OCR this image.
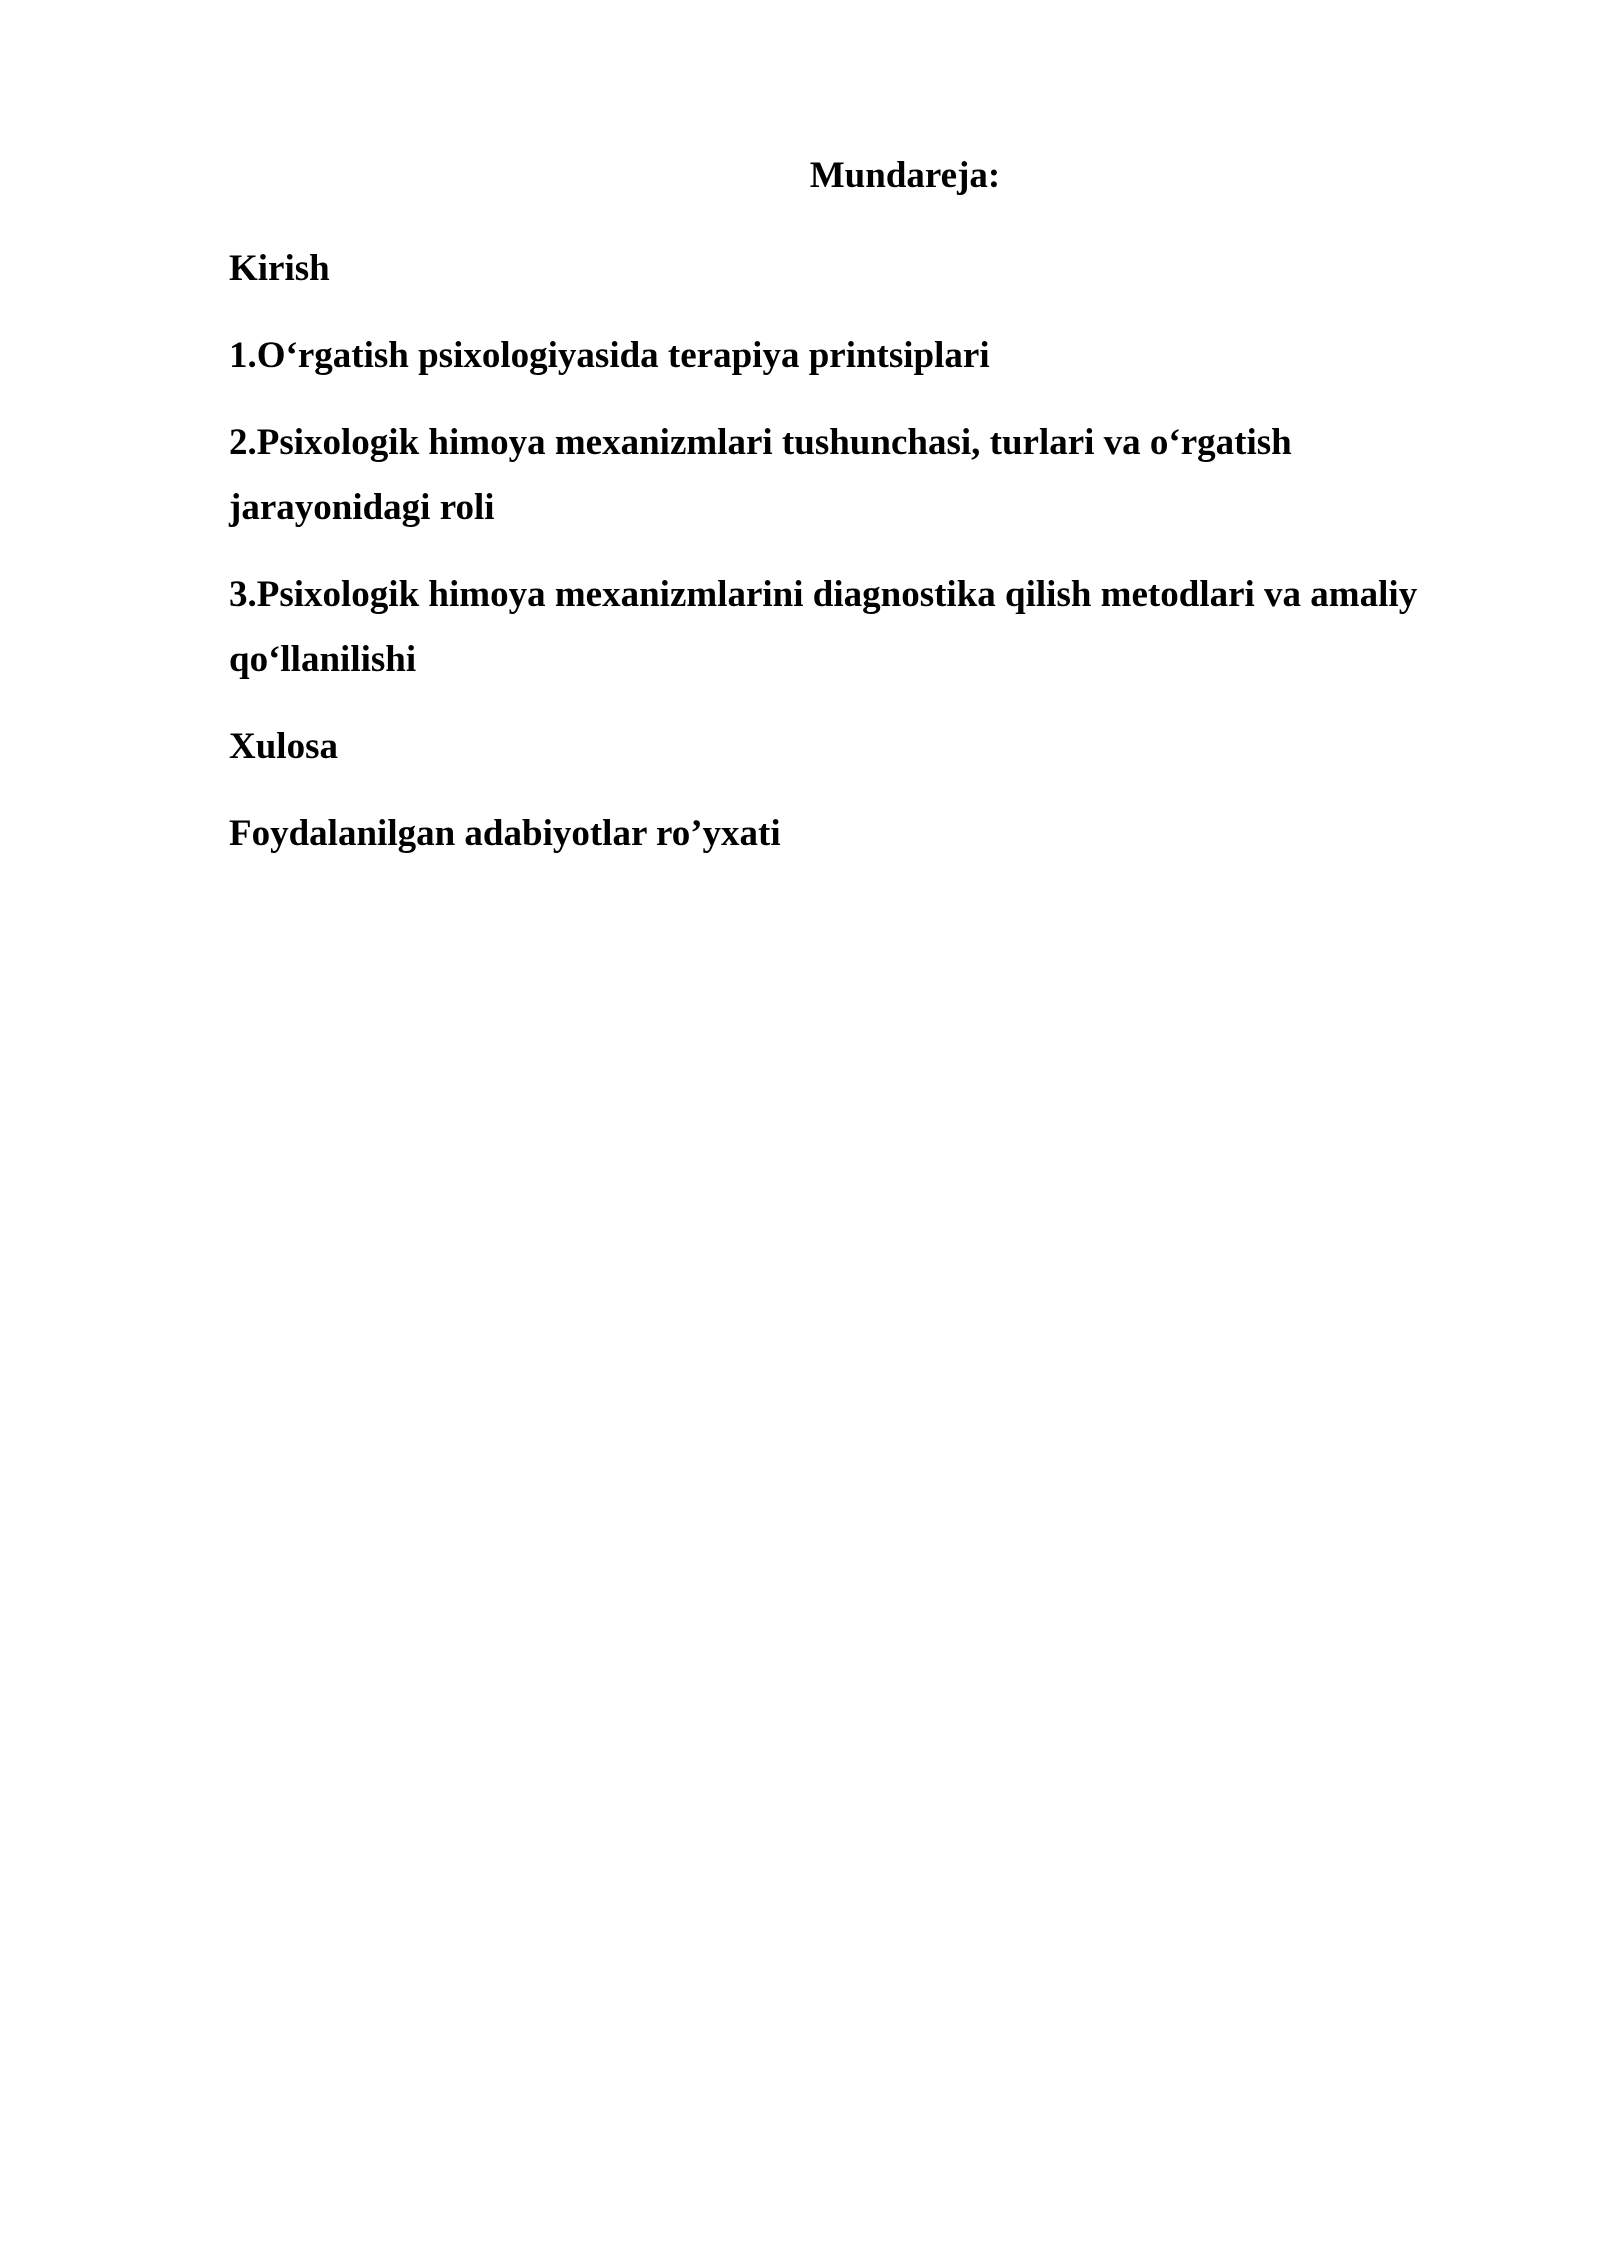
Mundareja:
Kirish
1.O‘rgatish psixologiyasida terapiya printsiplari
2.Psixologik himoya mexanizmlari tushunchasi, turlari va o‘rgatish jarayonidagi roli
3.Psixologik himoya mexanizmlarini diagnostika qilish metodlari va amaliy qo‘llanilishi
Xulosa
Foydalanilgan adabiyotlar ro’yxati
